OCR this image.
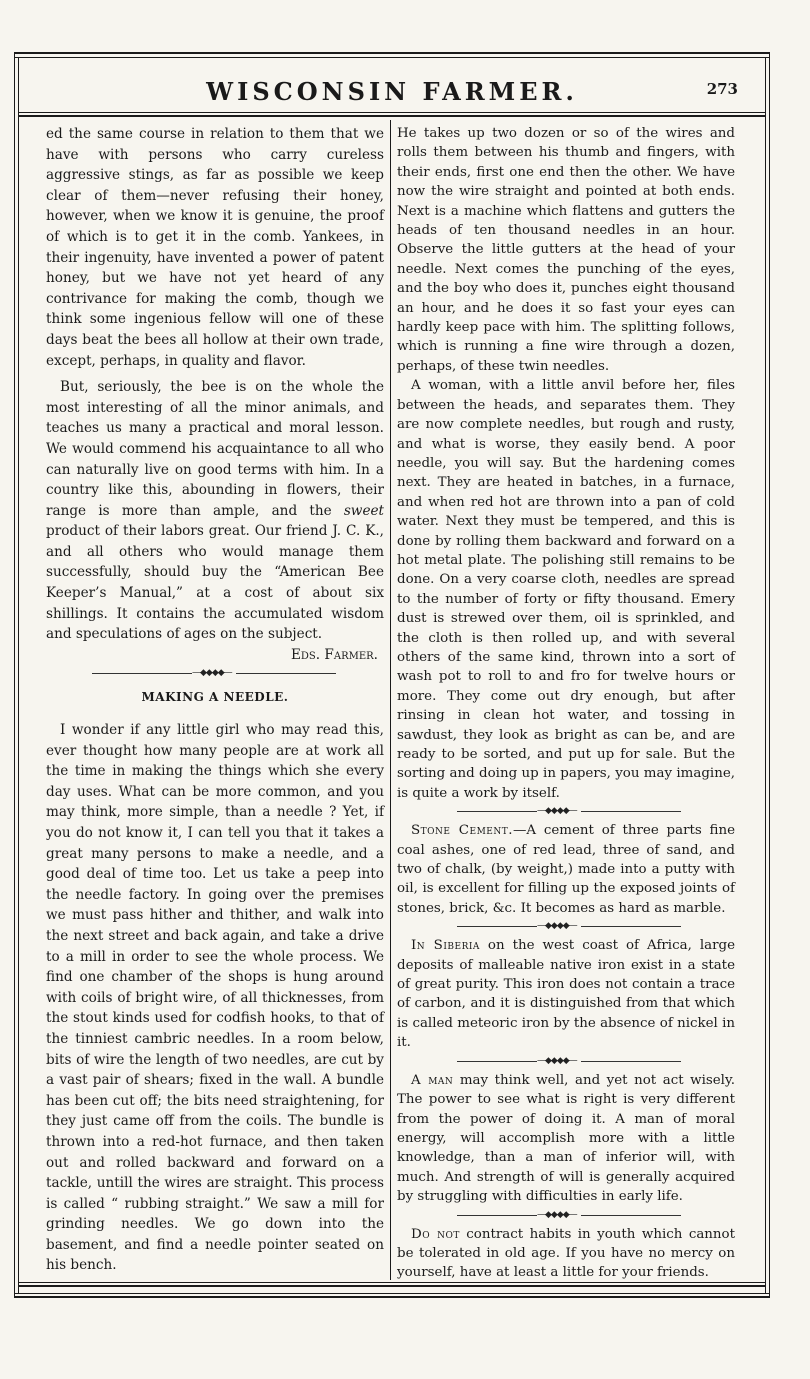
WISCONSIN FARMER.	273

ed the same course in relation to them that we have with persons who carry cureless aggressive stings, as far as possible we keep clear of them—never refusing their honey, however, when we know it is genuine, the proof of which is to get it in the comb. Yankees, in their ingenuity, have invented a power of patent honey, but we have not yet heard of any contrivance for making the comb, though we think some ingenious fellow will one of these days beat the bees all hollow at their own trade, except, perhaps, in quality and flavor.

But, seriously, the bee is on the whole the most interesting of all the minor animals, and teaches us many a practical and moral lesson. We would commend his acquaintance to all who can naturally live on good terms with him. In a country like this, abounding in flowers, their range is more than ample, and the sweet product of their labors great. Our friend J. C. K., and all others who would manage them successfully, should buy the “American Bee Keeper’s Manual,” at a cost of about six shillings. It contains the accumulated wisdom and speculations of ages on the subject.

Eds. Farmer.

—◆◆◆◆—
MAKING A NEEDLE.

I wonder if any little girl who may read this, ever thought how many people are at work all the time in making the things which she every day uses. What can be more common, and you may think, more simple, than a needle ? Yet, if you do not know it, I can tell you that it takes a great many persons to make a needle, and a good deal of time too. Let us take a peep into the needle factory. In going over the premises we must pass hither and thither, and walk into the next street and back again, and take a drive to a mill in order to see the whole process. We find one chamber of the shops is hung around with coils of bright wire, of all thicknesses, from the stout kinds used for codfish hooks, to that of the tinniest cambric needles. In a room below, bits of wire the length of two needles, are cut by a vast pair of shears; fixed in the wall. A bundle has been cut off; the bits need straightening, for they just came off from the coils. The bundle is thrown into a red-hot furnace, and then taken out and rolled backward and forward on a tackle, untill the wires are straight. This process is called “ rubbing straight.” We saw a mill for grinding needles. We go down into the basement, and find a needle pointer seated on his bench.

He takes up two dozen or so of the wires and rolls them between his thumb and fingers, with their ends, first one end then the other. We have now the wire straight and pointed at both ends. Next is a machine which flattens and gutters the heads of ten thousand needles in an hour. Observe the little gutters at the head of your needle. Next comes the punching of the eyes, and the boy who does it, punches eight thousand an hour, and he does it so fast your eyes can hardly keep pace with him. The splitting follows, which is running a fine wire through a dozen, perhaps, of these twin needles.

A woman, with a little anvil before her, files between the heads, and separates them. They are now complete needles, but rough and rusty, and what is worse, they easily bend. A poor needle, you will say. But the hardening comes next. They are heated in batches, in a furnace, and when red hot are thrown into a pan of cold water. Next they must be tempered, and this is done by rolling them backward and forward on a hot metal plate. The polishing still remains to be done. On a very coarse cloth, needles are spread to the number of forty or fifty thousand. Emery dust is strewed over them, oil is sprinkled, and the cloth is then rolled up, and with several others of the same kind, thrown into a sort of wash pot to roll to and fro for twelve hours or more. They come out dry enough, but after rinsing in clean hot water, and tossing in sawdust, they look as bright as can be, and are ready to be sorted, and put up for sale. But the sorting and doing up in papers, you may imagine, is quite a work by itself.

—◆◆◆◆—

Stone Cement.—A cement of three parts fine coal ashes, one of red lead, three of sand, and two of chalk, (by weight,) made into a putty with oil, is excellent for filling up the exposed joints of stones, brick, &c. It becomes as hard as marble.

—◆◆◆◆—

In Siberia on the west coast of Africa, large deposits of malleable native iron exist in a state of great purity. This iron does not contain a trace of carbon, and it is distinguished from that which is called meteoric iron by the absence of nickel in it.

—◆◆◆◆—

A man may think well, and yet not act wisely. The power to see what is right is very different from the power of doing it. A man of moral energy, will accomplish more with a little knowledge, than a man of inferior will, with much. And strength of will is generally acquired by struggling with difficulties in early life.

—◆◆◆◆—

Do not contract habits in youth which cannot be tolerated in old age. If you have no mercy on yourself, have at least a little for your friends.
